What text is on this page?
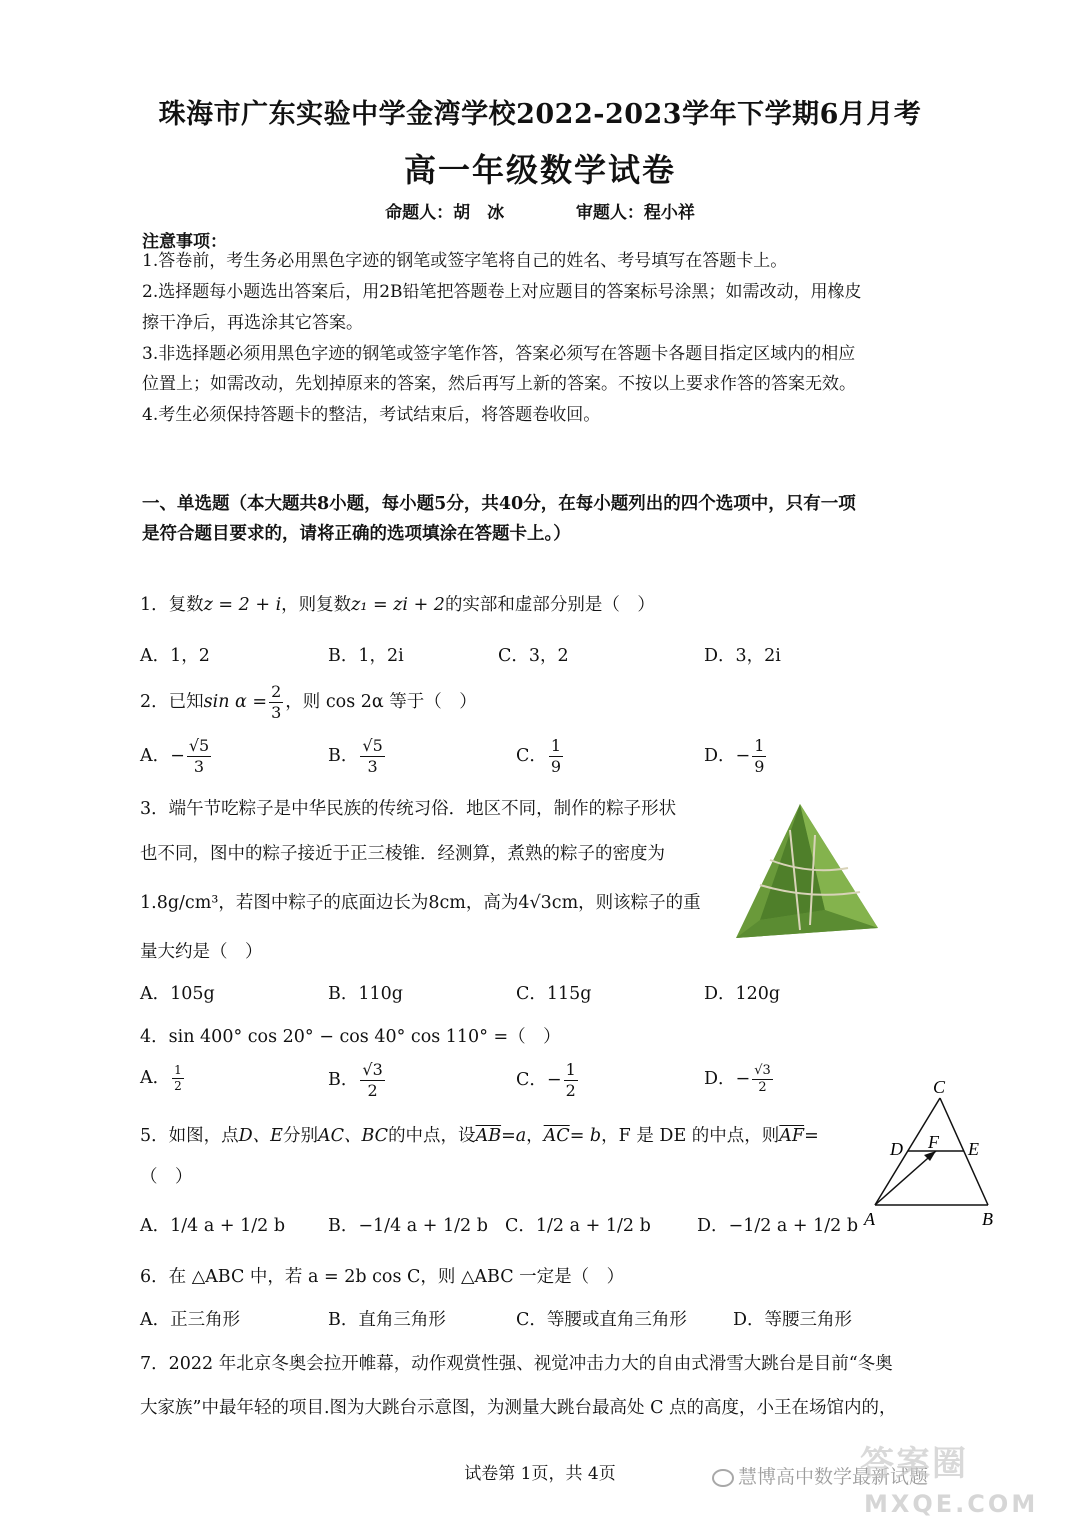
珠海市广东实验中学金湾学校2022-2023学年下学期6月月考
高一年级数学试卷
命题人：胡　冰	审题人：程小祥
注意事项：
1.答卷前，考生务必用黑色字迹的钢笔或签字笔将自己的姓名、考号填写在答题卡上。
2.选择题每小题选出答案后，用2B铅笔把答题卷上对应题目的答案标号涂黑；如需改动，用橡皮
擦干净后，再选涂其它答案。
3.非选择题必须用黑色字迹的钢笔或签字笔作答，答案必须写在答题卡各题目指定区域内的相应
位置上；如需改动，先划掉原来的答案，然后再写上新的答案。不按以上要求作答的答案无效。
4.考生必须保持答题卡的整洁，考试结束后，将答题卷收回。
一、单选题（本大题共8小题，每小题5分，共40分，在每小题列出的四个选项中，只有一项
是符合题目要求的，请将正确的选项填涂在答题卡上。）
1．复数z = 2 + i，则复数z₁ = zi + 2的实部和虚部分别是（　）
A．1，2	B．1，2i	C．3，2	D．3，2i
2．已知$\sin \alpha = \frac{2}{3}$ ，则 cos 2α 等于（　）
A．− $\frac{√5}{3}$	B． $\frac{√5}{3}$	C． $\frac{1}{9}$	D．− $\frac{1}{9}$
3．端午节吃粽子是中华民族的传统习俗．地区不同，制作的粽子形状
也不同，图中的粽子接近于正三棱锥．经测算，煮熟的粽子的密度为
1.8g/cm³，若图中粽子的底面边长为8cm，高为4√3cm，则该粽子的重
量大约是（　）
A．105g	B．110g	C．115g	D．120g
4．sin 400° cos 20° − cos 40° cos 110° =（　）
A． $\frac{1}{2}$	B． $\frac{√3}{2}$	C．− $\frac{1}{2}$	D．− $\frac{√3}{2}$
5．如图，点D、E分别AC、BC的中点，设$\overline{AB}=a$，$\overline{AC}= b$，F 是 DE 的中点，则$\overline{AF}=$
（　）
A．1/4 a + 1/2 b B．−1/4 a + 1/2 b C．1/2 a + 1/2 b	D．−1/2 a + 1/2 b
C
D F E
A	B
6．在 △ABC 中，若 a = 2b cos C，则 △ABC 一定是（　）
A．正三角形	B．直角三角形	C．等腰或直角三角形	D．等腰三角形
7．2022 年北京冬奥会拉开帷幕，动作观赏性强、视觉冲击力大的自由式滑雪大跳台是目前“冬奥
大家族”中最年轻的项目.图为大跳台示意图，为测量大跳台最高处 C 点的高度，小王在场馆内的，
试卷第 1页，共 4页	慧博高中数学最新试题
答案圈
MXQE.COM
